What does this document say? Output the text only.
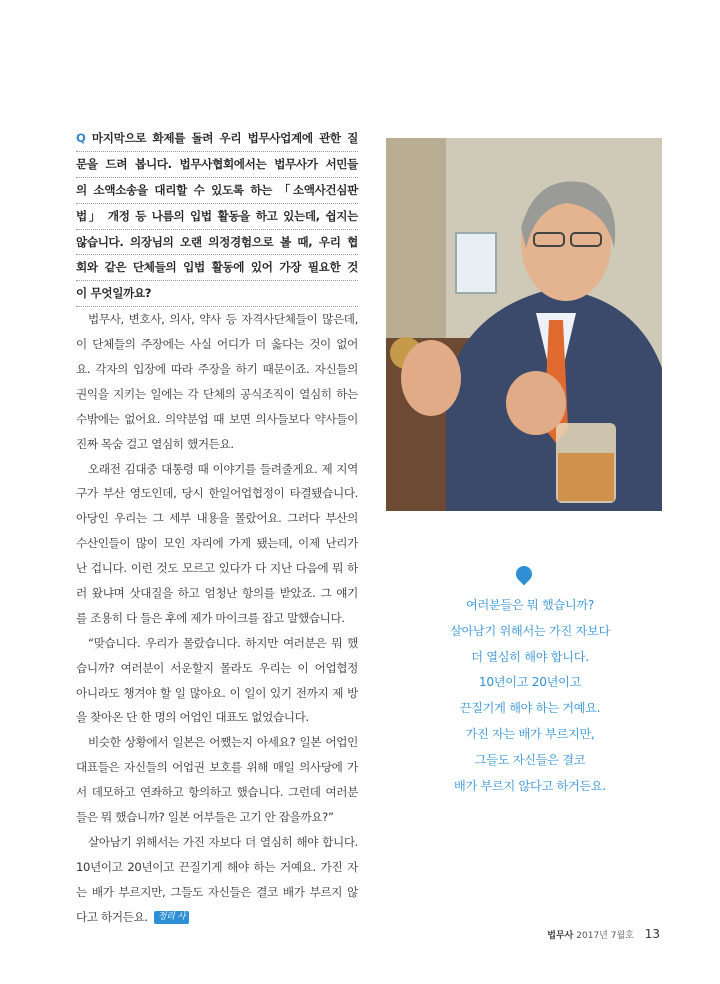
Q 마지막으로 화제를 돌려 우리 법무사업계에 관한 질
문을 드려 봅니다. 법무사협회에서는 법무사가 서민들
의 소액소송을 대리할 수 있도록 하는 「소액사건심판
법」 개정 등 나름의 입법 활동을 하고 있는데, 쉽지는
않습니다. 의장님의 오랜 의정경험으로 볼 때, 우리 협
회와 같은 단체들의 입법 활동에 있어 가장 필요한 것
이 무엇일까요?
법무사, 변호사, 의사, 약사 등 자격사단체들이 많은데,
이 단체들의 주장에는 사실 어디가 더 옳다는 것이 없어
요. 각자의 입장에 따라 주장을 하기 때문이죠. 자신들의
권익을 지키는 일에는 각 단체의 공식조직이 열심히 하는
수밖에는 없어요. 의약분업 때 보면 의사들보다 약사들이
진짜 목숨 걸고 열심히 했거든요.
오래전 김대중 대통령 때 이야기를 들려줄게요. 제 지역
구가 부산 영도인데, 당시 한일어업협정이 타결됐습니다.
아당인 우리는 그 세부 내용을 몰랐어요. 그러다 부산의
수산인들이 많이 모인 자리에 가게 됐는데, 이제 난리가
난 겁니다. 이런 것도 모르고 있다가 다 지난 다음에 뭐 하
러 왔냐며 삿대질을 하고 엄청난 항의를 받았죠. 그 얘기
를 조용히 다 들은 후에 제가 마이크를 잡고 말했습니다.
“맞습니다. 우리가 몰랐습니다. 하지만 여러분은 뭐 했
습니까? 여러분이 서운할지 몰라도 우리는 이 어업협정
아니라도 챙겨야 할 일 많아요. 이 일이 있기 전까지 제 방
을 찾아온 단 한 명의 어업인 대표도 없었습니다.
비슷한 상황에서 일본은 어쨌는지 아세요? 일본 어업인
대표들은 자신들의 어업권 보호를 위해 매일 의사당에 가
서 데모하고 연좌하고 항의하고 했습니다. 그런데 여러분
들은 뭐 했습니까? 일본 어부들은 고기 안 잡을까요?”
살아남기 위해서는 가진 자보다 더 열심히 해야 합니다.
10년이고 20년이고 끈질기게 해야 하는 거예요. 가진 자
는 배가 부르지만, 그들도 자신들은 결코 배가 부르지 않
다고 하거든요. 정리 사
여러분들은 뭐 했습니까?
살아남기 위해서는 가진 자보다
더 열심히 해야 합니다.
10년이고 20년이고
끈질기게 해야 하는 거예요.
가진 자는 배가 부르지만,
그들도 자신들은 결코
배가 부르지 않다고 하거든요.
법무사 2017년 7월호 13
